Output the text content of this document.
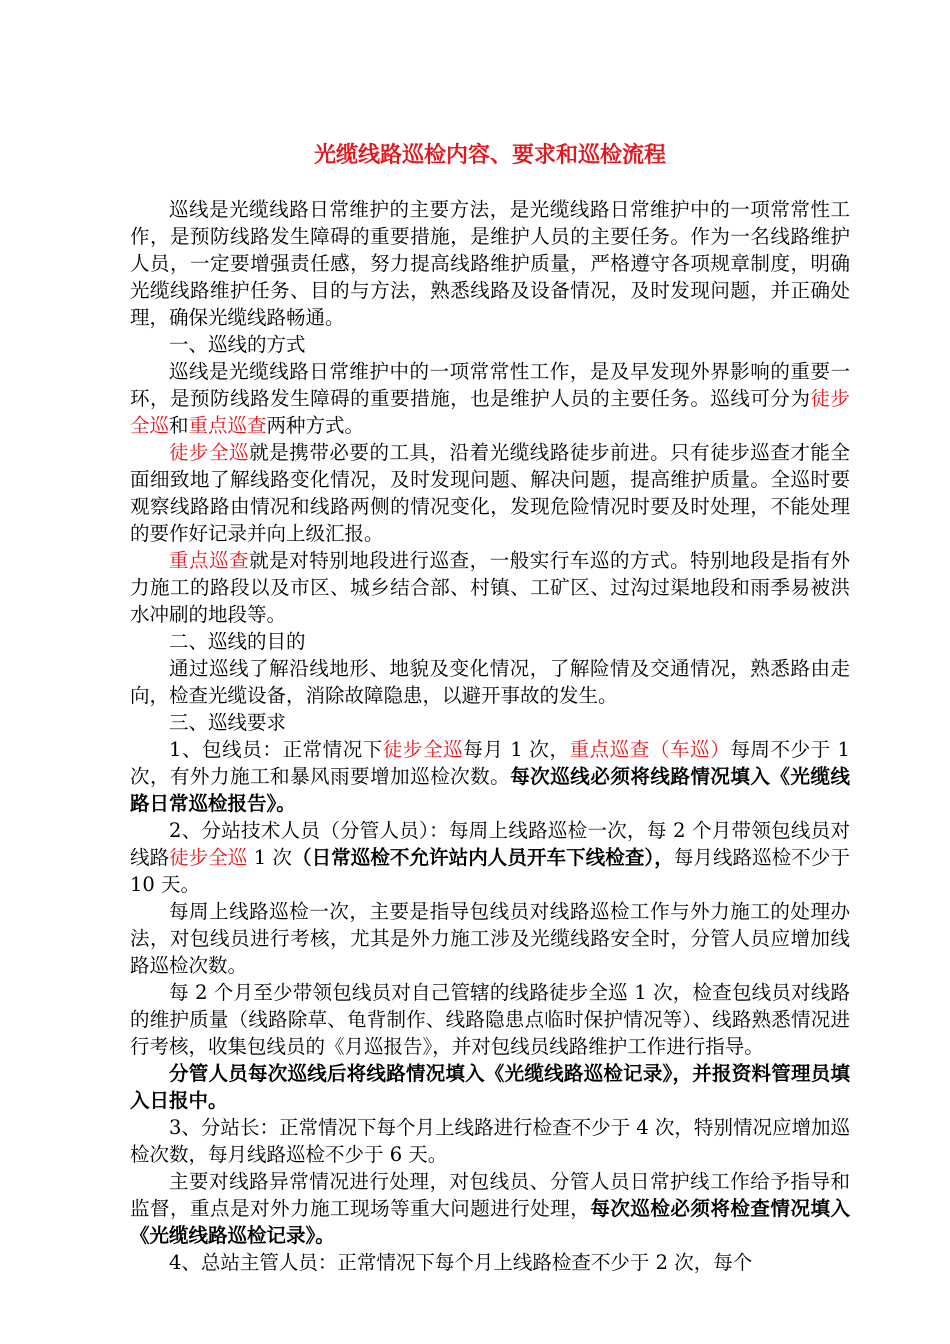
光缆线路巡检内容、要求和巡检流程

巡线是光缆线路日常维护的主要方法，是光缆线路日常维护中的一项常常性工作，是预防线路发生障碍的重要措施，是维护人员的主要任务。作为一名线路维护人员，一定要增强责任感，努力提高线路维护质量，严格遵守各项规章制度，明确光缆线路维护任务、目的与方法，熟悉线路及设备情况，及时发现问题，并正确处理，确保光缆线路畅通。

一、巡线的方式

巡线是光缆线路日常维护中的一项常常性工作，是及早发现外界影响的重要一环，是预防线路发生障碍的重要措施，也是维护人员的主要任务。巡线可分为徒步全巡和重点巡查两种方式。

徒步全巡就是携带必要的工具，沿着光缆线路徒步前进。只有徒步巡查才能全面细致地了解线路变化情况，及时发现问题、解决问题，提高维护质量。全巡时要观察线路路由情况和线路两侧的情况变化，发现危险情况时要及时处理，不能处理的要作好记录并向上级汇报。

重点巡查就是对特别地段进行巡查，一般实行车巡的方式。特别地段是指有外力施工的路段以及市区、城乡结合部、村镇、工矿区、过沟过渠地段和雨季易被洪水冲刷的地段等。

二、巡线的目的

通过巡线了解沿线地形、地貌及变化情况，了解险情及交通情况，熟悉路由走向，检查光缆设备，消除故障隐患，以避开事故的发生。

三、巡线要求

1、包线员：正常情况下徒步全巡每月 1 次，重点巡查（车巡）每周不少于 1 次，有外力施工和暴风雨要增加巡检次数。每次巡线必须将线路情况填入《光缆线路日常巡检报告》。

2、分站技术人员（分管人员）：每周上线路巡检一次，每 2 个月带领包线员对线路徒步全巡 1 次（日常巡检不允许站内人员开车下线检查），每月线路巡检不少于 10 天。

每周上线路巡检一次，主要是指导包线员对线路巡检工作与外力施工的处理办法，对包线员进行考核，尤其是外力施工涉及光缆线路安全时，分管人员应增加线路巡检次数。

每 2 个月至少带领包线员对自己管辖的线路徒步全巡 1 次，检查包线员对线路的维护质量（线路除草、龟背制作、线路隐患点临时保护情况等）、线路熟悉情况进行考核，收集包线员的《月巡报告》，并对包线员线路维护工作进行指导。

分管人员每次巡线后将线路情况填入《光缆线路巡检记录》，并报资料管理员填入日报中。

3、分站长：正常情况下每个月上线路进行检查不少于 4 次，特别情况应增加巡检次数，每月线路巡检不少于 6 天。

主要对线路异常情况进行处理，对包线员、分管人员日常护线工作给予指导和监督，重点是对外力施工现场等重大问题进行处理，每次巡检必须将检查情况填入《光缆线路巡检记录》。

4、总站主管人员：正常情况下每个月上线路检查不少于 2 次，每个
